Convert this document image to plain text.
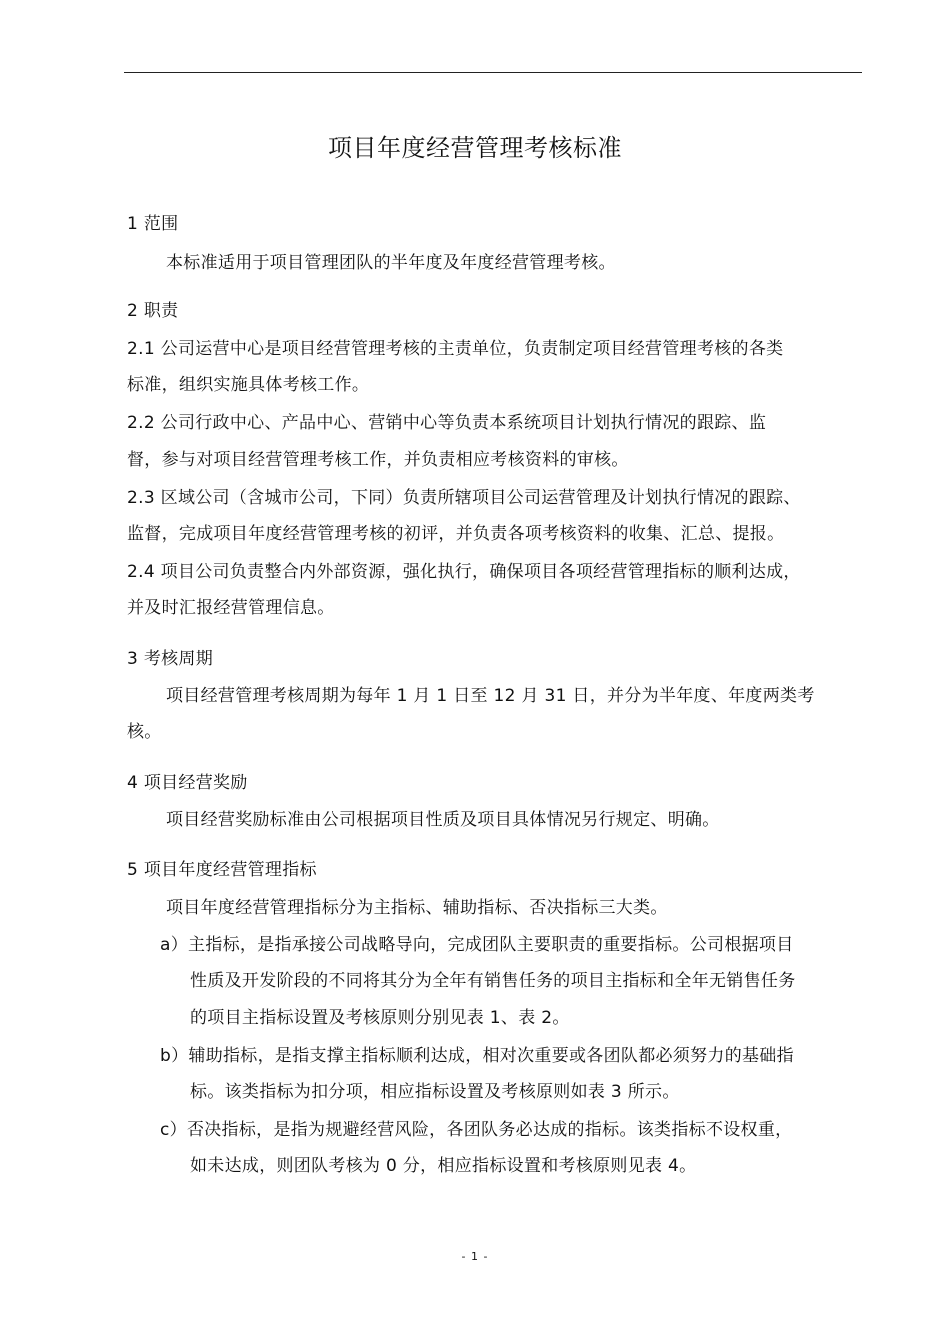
项目年度经营管理考核标准
1 范围
本标准适用于项目管理团队的半年度及年度经营管理考核。
2 职责
2.1 公司运营中心是项目经营管理考核的主责单位，负责制定项目经营管理考核的各类
标准，组织实施具体考核工作。
2.2 公司行政中心、产品中心、营销中心等负责本系统项目计划执行情况的跟踪、监
督，参与对项目经营管理考核工作，并负责相应考核资料的审核。
2.3 区域公司（含城市公司，下同）负责所辖项目公司运营管理及计划执行情况的跟踪、
监督，完成项目年度经营管理考核的初评，并负责各项考核资料的收集、汇总、提报。
2.4 项目公司负责整合内外部资源，强化执行，确保项目各项经营管理指标的顺利达成，
并及时汇报经营管理信息。
3 考核周期
项目经营管理考核周期为每年 1 月 1 日至 12 月 31 日，并分为半年度、年度两类考
核。
4 项目经营奖励
项目经营奖励标准由公司根据项目性质及项目具体情况另行规定、明确。
5 项目年度经营管理指标
项目年度经营管理指标分为主指标、辅助指标、否决指标三大类。
a）主指标，是指承接公司战略导向，完成团队主要职责的重要指标。公司根据项目
性质及开发阶段的不同将其分为全年有销售任务的项目主指标和全年无销售任务
的项目主指标设置及考核原则分别见表 1、表 2。
b）辅助指标，是指支撑主指标顺利达成，相对次重要或各团队都必须努力的基础指
标。该类指标为扣分项，相应指标设置及考核原则如表 3 所示。
c）否决指标，是指为规避经营风险，各团队务必达成的指标。该类指标不设权重，
如未达成，则团队考核为 0 分，相应指标设置和考核原则见表 4。
- 1 -
